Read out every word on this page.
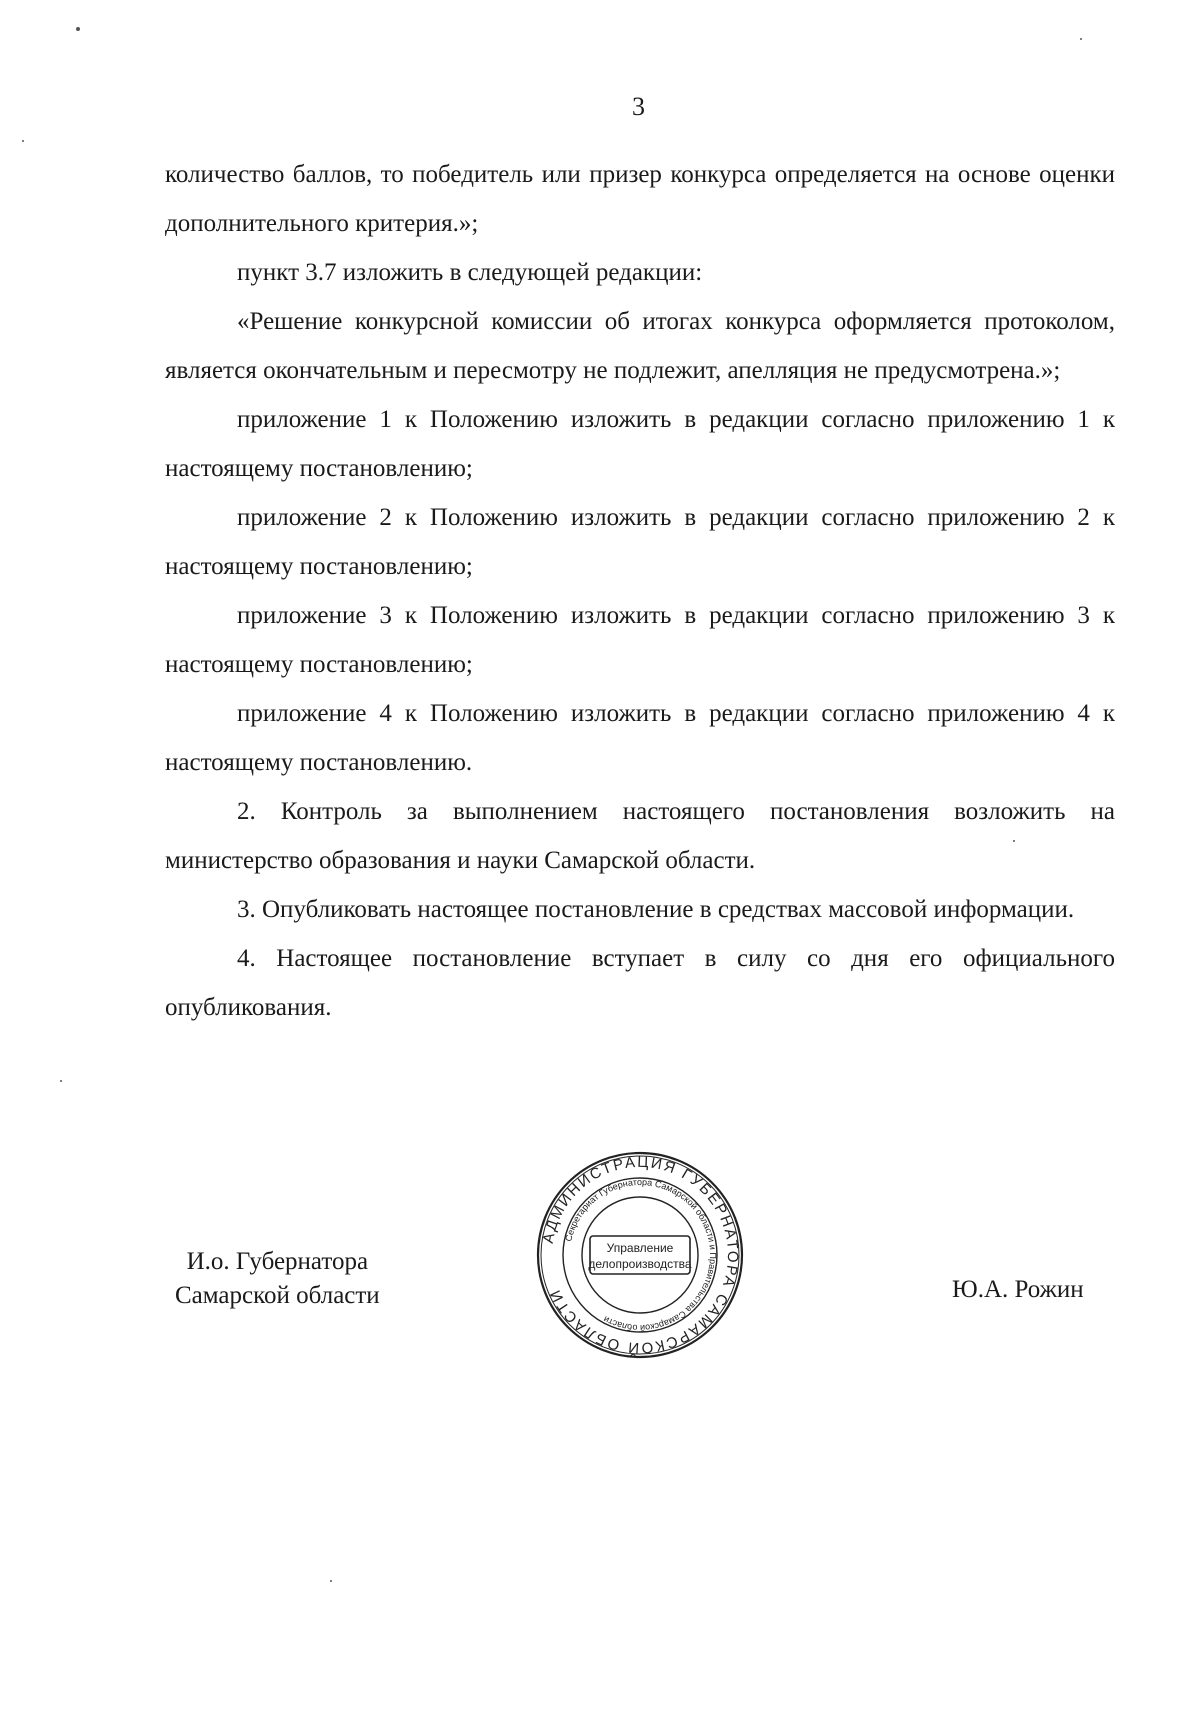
3

количество баллов, то победитель или призер конкурса определяется на основе оценки дополнительного критерия.»;

пункт 3.7 изложить в следующей редакции:

«Решение конкурсной комиссии об итогах конкурса оформляется протоколом, является окончательным и пересмотру не подлежит, апелляция не предусмотрена.»;

приложение 1 к Положению изложить в редакции согласно приложению 1 к настоящему постановлению;

приложение 2 к Положению изложить в редакции согласно приложению 2 к настоящему постановлению;

приложение 3 к Положению изложить в редакции согласно приложению 3 к настоящему постановлению;

приложение 4 к Положению изложить в редакции согласно приложению 4 к настоящему постановлению.

2. Контроль за выполнением настоящего постановления возложить на министерство образования и науки Самарской области.

3. Опубликовать настоящее постановление в средствах массовой информации.

4. Настоящее постановление вступает в силу со дня его официального опубликования.

И.о. Губернатора
Самарской области	Ю.А. Рожин
АДМИНИСТРАЦИЯ ГУБЕРНАТОРА САМАРСКОЙ ОБЛАСТИ
Секретариат Губернатора Самарской области и Правительства Самарской области
Управление
делопроизводства
